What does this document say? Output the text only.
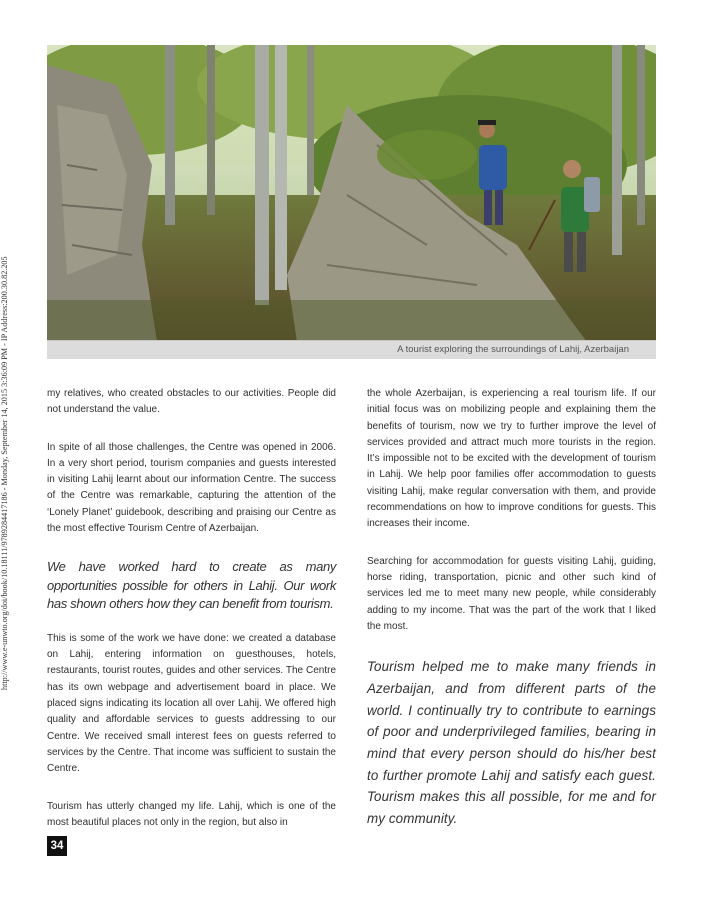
http://www.e-unwto.org/doi/book/10.18111/9789284417186 - Monday, September 14, 2015 3:36:09 PM - IP Address:200.30.82.205	A tourist exploring the surroundings of Lahij, Azerbaijan

my relatives, who created obstacles to our activities. People did not understand the value.

In spite of all those challenges, the Centre was opened in 2006. In a very short period, tourism companies and guests interested in visiting Lahij learnt about our information Centre. The success of the Centre was remarkable, capturing the attention of the ‘Lonely Planet’ guidebook, describing and praising our Centre as the most effective Tourism Centre of Azerbaijan.

We have worked hard to create as many opportunities possible for others in Lahij. Our work has shown others how they can benefit from tourism.

This is some of the work we have done: we created a database on Lahij, entering information on guesthouses, hotels, restaurants, tourist routes, guides and other services. The Centre has its own webpage and advertisement board in place. We placed signs indicating its location all over Lahij. We offered high quality and affordable services to guests addressing to our Centre. We received small interest fees on guests referred to services by the Centre. That income was sufficient to sustain the Centre.

Tourism has utterly changed my life. Lahij, which is one of the most beautiful places not only in the region, but also in

the whole Azerbaijan, is experiencing a real tourism life. If our initial focus was on mobilizing people and explaining them the benefits of tourism, now we try to further improve the level of services provided and attract much more tourists in the region. It’s impossible not to be excited with the development of tourism in Lahij. We help poor families offer accommodation to guests visiting Lahij, make regular conversation with them, and provide recommendations on how to improve conditions for guests. This increases their income.

Searching for accommodation for guests visiting Lahij, guiding, horse riding, transportation, picnic and other such kind of services led me to meet many new people, while considerably adding to my income. That was the part of the work that I liked the most.

Tourism helped me to make many friends in Azerbaijan, and from different parts of the world. I continually try to contribute to earnings of poor and underprivileged families, bearing in mind that every person should do his/her best to further promote Lahij and satisfy each guest. Tourism makes this all possible, for me and for my community.

34
